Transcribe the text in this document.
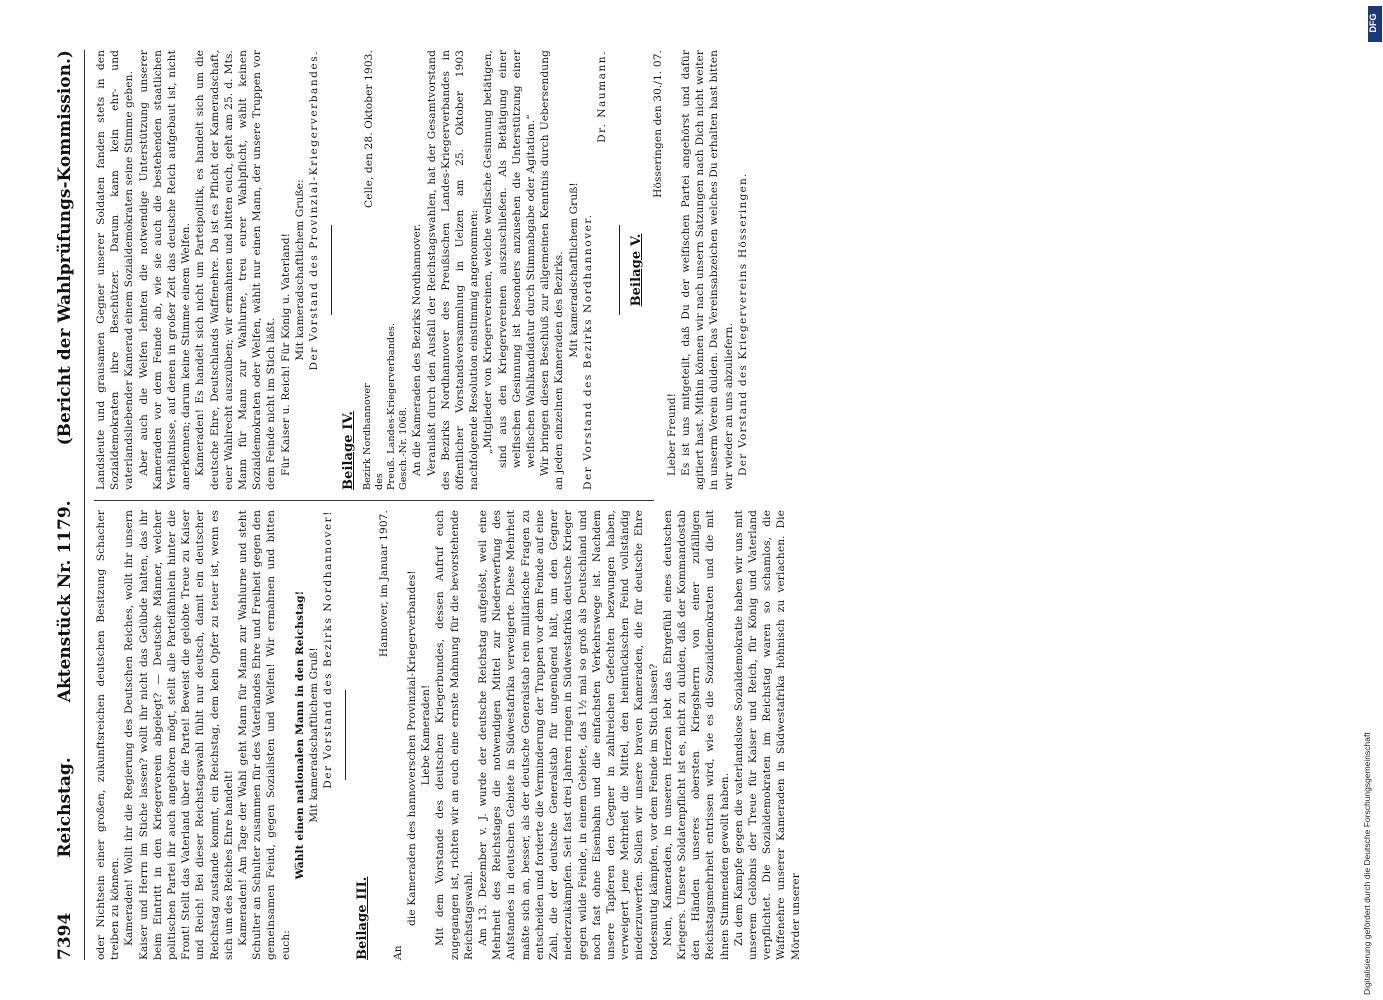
DFG
Digitalisierung gefördert durch die Deutsche Forschungsgemeinschaft
7394
Reichstag.
Aktenstück Nr. 1179.
(Bericht der Wahlprüfungs-Kommission.)

oder Nichtsein einer großen, zukunftsreichen deutschen Besitzung Schacher treiben zu können. Kameraden! Wollt ihr die Regierung des Deutschen Reiches, wollt ihr unsern Kaiser und Herrn im Stiche lassen? wollt ihr nicht das Gelübde halten, das ihr beim Eintritt in den Kriegerverein abgelegt? — Deutsche Männer, welcher politischen Partei ihr auch angehören mögt, stellt alle Parteifähnlein hinter die Front! Stellt das Vaterland über die Partei! Beweist die gelobte Treue zu Kaiser und Reich! Bei dieser Reichstagswahl fühlt nur deutsch, damit ein deutscher Reichstag zustande kommt, ein Reichstag, dem kein Opfer zu teuer ist, wenn es sich um des Reiches Ehre handelt! Kameraden! Am Tage der Wahl geht Mann für Mann zur Wahlurne und steht Schulter an Schulter zusammen für des Vaterlandes Ehre und Freiheit gegen den gemeinsamen Feind, gegen Sozialisten und Welfen! Wir ermahnen und bitten euch:

Wählt einen nationalen Mann in den Reichstag! Mit kameradschaftlichem Gruß! Der Vorstand des Bezirks Nordhannover!

Beilage III.

Hannover, im Januar 1907.

An

die Kameraden des hannoverschen Provinzial-Kriegerverbandes! Liebe Kameraden! Mit dem Vorstande des deutschen Kriegerbundes, dessen Aufruf euch zugegangen ist, richten wir an euch eine ernste Mahnung für die bevorstehende Reichstagswahl. Am 13. Dezember v. J. wurde der deutsche Reichstag aufgelöst, weil eine Mehrheit des Reichstages die notwendigen Mittel zur Niederwerfung des Aufstandes in deutschen Gebiete in Südwestafrika verweigerte. Diese Mehrheit maßte sich an, besser, als der deutsche Generalstab rein militärische Fragen zu entscheiden und forderte die Verminderung der Truppen vor dem Feinde auf eine Zahl, die der deutsche Generalstab für ungenügend hält, um den Gegner niederzukämpfen. Seit fast drei Jahren ringen in Südwestafrika deutsche Krieger gegen wilde Feinde, in einem Gebiete, das 1½ mal so groß als Deutschland und noch fast ohne Eisenbahn und die einfachsten Verkehrswege ist. Nachdem unsere Tapferen den Gegner in zahlreichen Gefechten bezwungen haben, verweigert jene Mehrheit die Mittel, den heimtückischen Feind vollständig niederzuwerfen. Sollen wir unsere braven Kameraden, die für deutsche Ehre todesmutig kämpfen, vor dem Feinde im Stich lassen? Nein, Kameraden, in unseren Herzen lebt das Ehrgefühl eines deutschen Kriegers. Unsere Soldatenpflicht ist es, nicht zu dulden, daß der Kommandostab den Händen unseres obersten Kriegsherrn von einer zufälligen Reichstagsmehrheit entrissen wird, wie es die Sozialdemokraten und die mit ihnen Stimmenden gewollt haben. Zu dem Kampfe gegen die vaterlandslose Sozialdemokratie haben wir uns mit unserem Gelöbnis der Treue für Kaiser und Reich, für König und Vaterland verpflichtet. Die Sozialdemokraten im Reichstag waren so schamlos, die Waffenehre unserer Kameraden in Südwestafrika höhnisch zu verlachen. Die Mörder unserer

Landsleute und grausamen Gegner unserer Soldaten fanden stets in den Sozialdemokraten ihre Beschützer. Darum kann kein ehr- und vaterlandsliebender Kamerad einem Sozialdemokraten seine Stimme geben. Aber auch die Welfen lehnten die notwendige Unterstützung unserer Kameraden vor dem Feinde ab, wie sie auch die bestehenden staatlichen Verhältnisse, auf denen in großer Zeit das deutsche Reich aufgebaut ist, nicht anerkennen; darum keine Stimme einem Welfen. Kameraden! Es handelt sich nicht um Parteipolitik, es handelt sich um die deutsche Ehre, Deutschlands Waffenehre. Da ist es Pflicht der Kameradschaft, euer Wahlrecht auszuüben; wir ermahnen und bitten euch, geht am 25. d. Mts. Mann für Mann zur Wahlurne, treu eurer Wahlpflicht, wählt keinen Sozialdemokraten oder Welfen, wählt nur einen Mann, der unsere Truppen vor dem Feinde nicht im Stich läßt. Für Kaiser u. Reich! Für König u. Vaterland! Mit kameradschaftlichem Gruße: Der Vorstand des Provinzial-Kriegerverbandes.

Beilage IV. Bezirk Nordhannover des Preuß. Landes-Kriegerverbandes. Gesch.-Nr. 1068.
Celle, den 28. Oktober 1903.

An die Kameraden des Bezirks Nordhannover. Veranlaßt durch den Ausfall der Reichstagswahlen, hat der Gesamtvorstand des Bezirks Nordhannover des Preußischen Landes-Kriegerverbandes in öffentlicher Vorstandsversammlung in Uelzen am 25. Oktober 1903 nachfolgende Resolution einstimmig angenommen: „Mitglieder von Kriegervereinen, welche welfische Gesinnung betätigen, sind aus den Kriegervereinen auszuschließen. Als Betätigung einer welfischen Gesinnung ist besonders anzusehen die Unterstützung einer welfischen Wahlkandidatur durch Stimmabgabe oder Agitation.“ Wir bringen diesen Beschluß zur allgemeinen Kenntnis durch Uebersendung an jeden einzelnen Kameraden des Bezirks. Mit kameradschaftlichem Gruß! Der Vorstand des Bezirks Nordhannover.

Dr. Naumann.

Beilage V.

Hösseringen den 30./1. 07.

Lieber Freund! Es ist uns mitgeteilt, daß Du der welfischen Partei angehörst und dafür agitiert hast. Mithin können wir nach unsern Satzungen nach Dich nicht weiter in unserm Verein dulden. Das Vereinsabzeichen welches Du erhalten hast bitten wir wieder an uns abzuliefern. Der Vorstand des Kriegervereins Hösseringen.
